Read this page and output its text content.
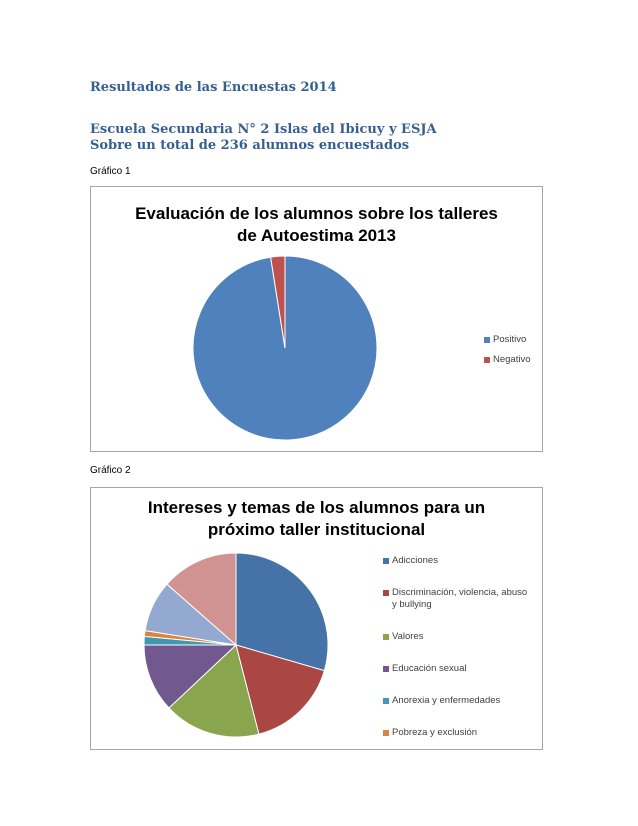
Resultados de las Encuestas 2014
Escuela Secundaria N° 2 Islas del Ibicuy y ESJA
Sobre un total de 236 alumnos encuestados
Gráfico 1
Evaluación de los alumnos sobre los talleres
de Autoestima 2013
Positivo
Negativo
Gráfico 2
Intereses y temas de los alumnos para un
próximo taller institucional
Adicciones
Discriminación, violencia, abuso
y bullying
Valores
Educación sexual
Anorexia y enfermedades
Pobreza y exclusión
